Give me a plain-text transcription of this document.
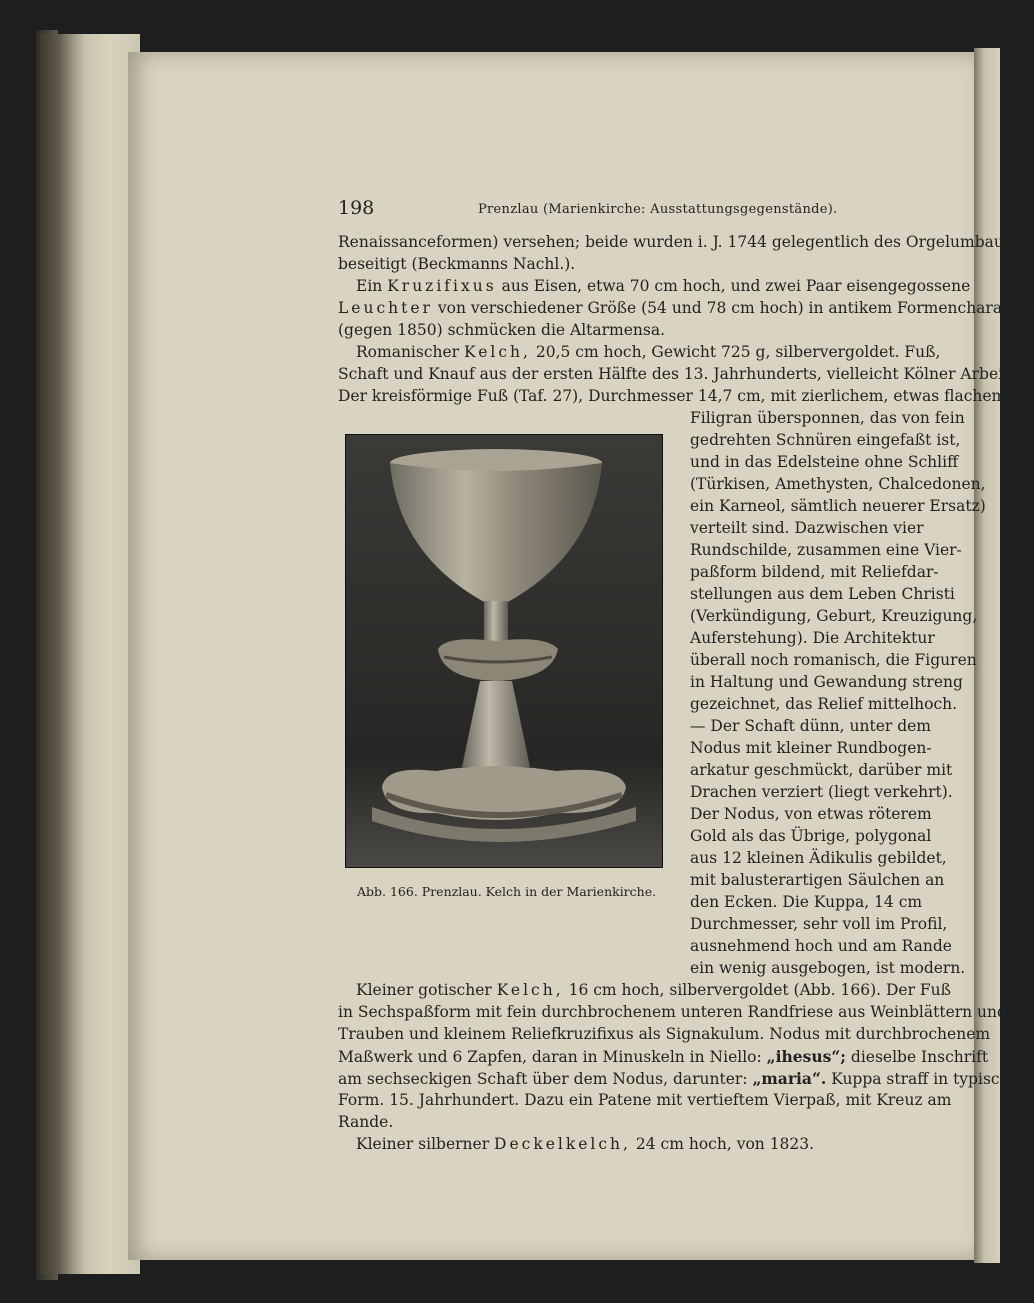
198	Prenzlau (Marienkirche: Ausstattungsgegenstände).
Renaissanceformen) versehen; beide wurden i. J. 1744 gelegentlich des Orgelumbaus
beseitigt (Beckmanns Nachl.).
Ein Kruzifixus aus Eisen, etwa 70 cm hoch, und zwei Paar eisengegossene
Leuchter von verschiedener Größe (54 und 78 cm hoch) in antikem Formencharakter
(gegen 1850) schmücken die Altarmensa.
Romanischer Kelch, 20,5 cm hoch, Gewicht 725 g, silbervergoldet. Fuß,
Schaft und Knauf aus der ersten Hälfte des 13. Jahrhunderts, vielleicht Kölner Arbeit.
Der kreisförmige Fuß (Taf. 27), Durchmesser 14,7 cm, mit zierlichem, etwas flachem
Abb. 166. Prenzlau. Kelch in der Marienkirche.
Filigran übersponnen, das von fein
gedrehten Schnüren eingefaßt ist,
und in das Edelsteine ohne Schliff
(Türkisen, Amethysten, Chalcedonen,
ein Karneol, sämtlich neuerer Ersatz)
verteilt sind. Dazwischen vier
Rundschilde, zusammen eine Vier-
paßform bildend, mit Reliefdar-
stellungen aus dem Leben Christi
(Verkündigung, Geburt, Kreuzigung,
Auferstehung). Die Architektur
überall noch romanisch, die Figuren
in Haltung und Gewandung streng
gezeichnet, das Relief mittelhoch.
— Der Schaft dünn, unter dem
Nodus mit kleiner Rundbogen-
arkatur geschmückt, darüber mit
Drachen verziert (liegt verkehrt).
Der Nodus, von etwas röterem
Gold als das Übrige, polygonal
aus 12 kleinen Ädikulis gebildet,
mit balusterartigen Säulchen an
den Ecken. Die Kuppa, 14 cm
Durchmesser, sehr voll im Profil,
ausnehmend hoch und am Rande
ein wenig ausgebogen, ist modern.
Kleiner gotischer Kelch, 16 cm hoch, silbervergoldet (Abb. 166). Der Fuß
in Sechspaßform mit fein durchbrochenem unteren Randfriese aus Weinblättern und
Trauben und kleinem Reliefkruzifixus als Signakulum. Nodus mit durchbrochenem
Maßwerk und 6 Zapfen, daran in Minuskeln in Niello: „ihesus“; dieselbe Inschrift
am sechseckigen Schaft über dem Nodus, darunter: „maria“. Kuppa straff in typischer
Form. 15. Jahrhundert. Dazu ein Patene mit vertieftem Vierpaß, mit Kreuz am
Rande.
Kleiner silberner Deckelkelch, 24 cm hoch, von 1823.
